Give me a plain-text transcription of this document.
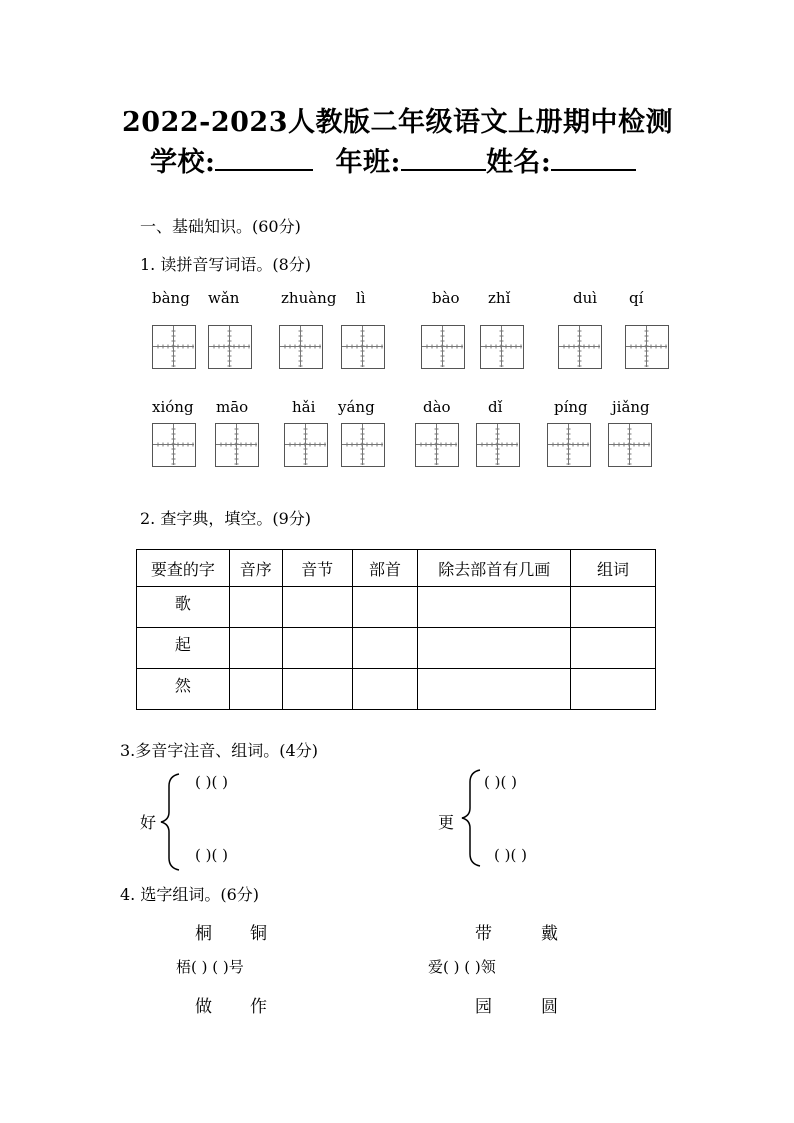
2022-2023人教版二年级语文上册期中检测
学校:	年班:	姓名:
一、基础知识。(60分)
1. 读拼音写词语。(8分)
bàng wǎn	zhuàng lì	bào zhǐ	duì qí
xióng māo	hǎi yáng	dào dǐ	píng jiǎng
2. 查字典，填空。(9分)
要查的字	音序	音节	部首	除去部首有几画	组词
歌					
起					
然					
3.多音字注音、组词。(4分)
好
( )( )
( )( )
更
( )( )
( )( )
4. 选字组词。(6分)
桐 铜
梧( ) ( )号
做 作
带	戴
爱( ) ( )领
园	圆
